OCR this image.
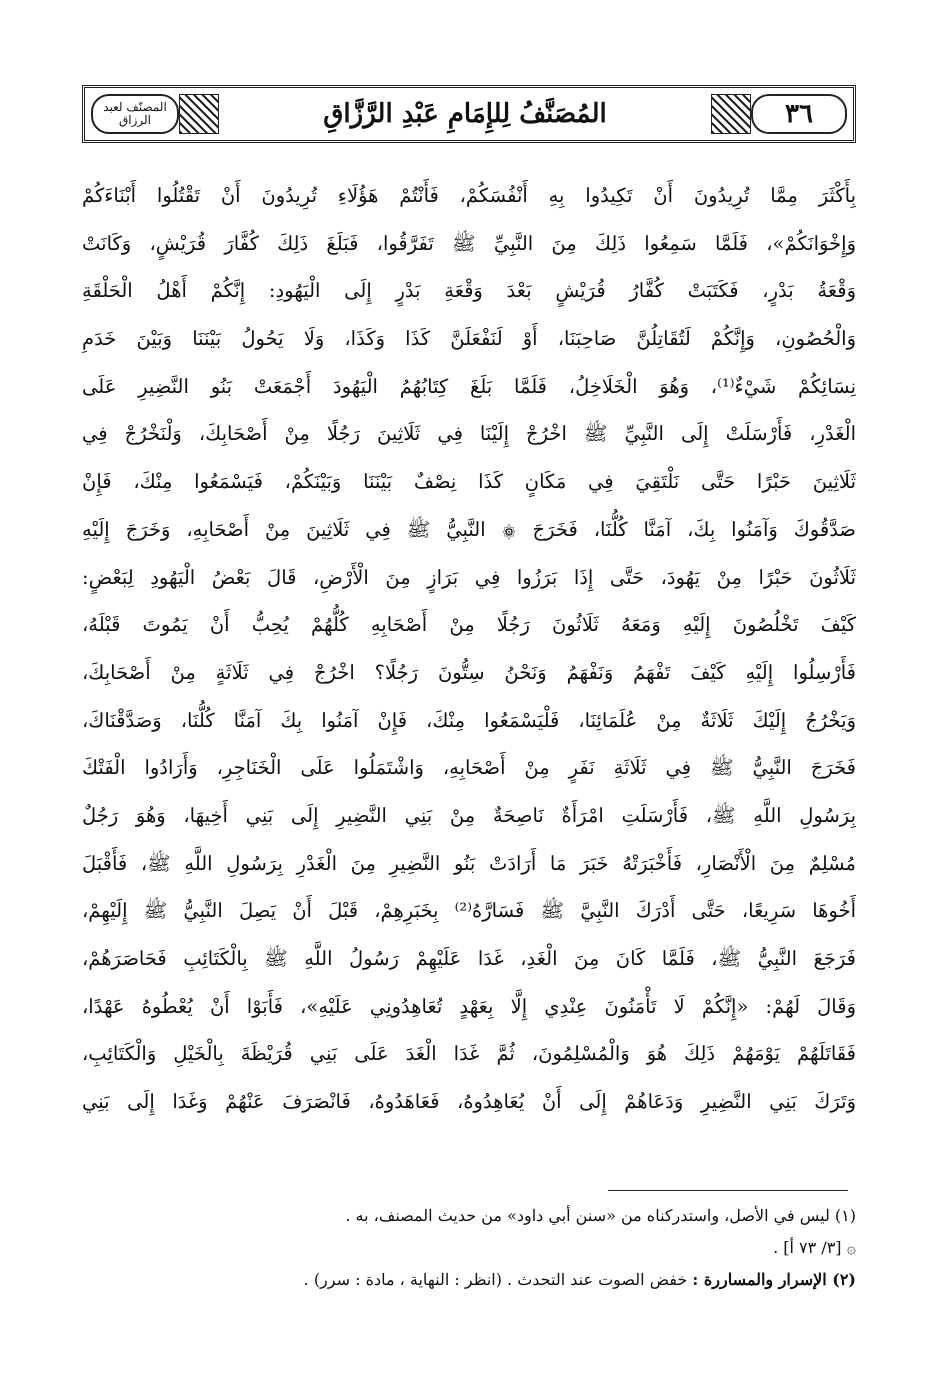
المصنّف لعبد الرزاق	المُصَنَّفُ لِلإِمَامِ عَبْدِ الرَّزَّاقِ	٣٦
بِأَكْثَرَ مِمَّا تُرِيدُونَ أَنْ تَكِيدُوا بِهِ أَنْفُسَكُمْ، فَأَنْتُمْ هَؤُلَاءِ تُرِيدُونَ أَنْ تَقْتُلُوا أَبْنَاءَكُمْ
وَإِخْوَانَكُمْ»، فَلَمَّا سَمِعُوا ذَلِكَ مِنَ النَّبِيِّ ﷺ تَفَرَّقُوا، فَبَلَغَ ذَلِكَ كُفَّارَ قُرَيْشٍ، وَكَانَتْ
وَقْعَةُ بَدْرٍ، فَكَتَبَتْ كُفَّارُ قُرَيْشٍ بَعْدَ وَقْعَةِ بَدْرٍ إِلَى الْيَهُودِ: إِنَّكُمْ أَهْلُ الْحَلْقَةِ
وَالْحُصُونِ، وَإِنَّكُمْ لَتُقَاتِلُنَّ صَاحِبَنَا، أَوْ لَنَفْعَلَنَّ كَذَا وَكَذَا، وَلَا يَحُولُ بَيْنَنَا وَبَيْنَ خَدَمِ
نِسَائِكُمْ شَيْءٌ⁽¹⁾، وَهُوَ الْخَلَاخِلُ، فَلَمَّا بَلَغَ كِتَابُهُمُ الْيَهُودَ أَجْمَعَتْ بَنُو النَّضِيرِ عَلَى
الْغَدْرِ، فَأَرْسَلَتْ إِلَى النَّبِيِّ ﷺ اخْرُجْ إِلَيْنَا فِي ثَلَاثِينَ رَجُلًا مِنْ أَصْحَابِكَ، وَلْنَخْرُجْ فِي
ثَلَاثِينَ حَبْرًا حَتَّى نَلْتَقِيَ فِي مَكَانٍ كَذَا نِصْفٌ بَيْنَنَا وَبَيْنَكُمْ، فَيَسْمَعُوا مِنْكَ، فَإِنْ
صَدَّقُوكَ وَآمَنُوا بِكَ، آمَنَّا كُلُّنَا، فَخَرَجَ ۞ النَّبِيُّ ﷺ فِي ثَلَاثِينَ مِنْ أَصْحَابِهِ، وَخَرَجَ إِلَيْهِ
ثَلَاثُونَ حَبْرًا مِنْ يَهُودَ، حَتَّى إِذَا بَرَزُوا فِي بَرَازٍ مِنَ الْأَرْضِ، قَالَ بَعْضُ الْيَهُودِ لِبَعْضٍ:
كَيْفَ تَخْلُصُونَ إِلَيْهِ وَمَعَهُ ثَلَاثُونَ رَجُلًا مِنْ أَصْحَابِهِ كُلُّهُمْ يُحِبُّ أَنْ يَمُوتَ قَبْلَهُ،
فَأَرْسِلُوا إِلَيْهِ كَيْفَ تَفْهَمُ وَنَفْهَمُ وَنَحْنُ سِتُّونَ رَجُلًا؟ اخْرُجْ فِي ثَلَاثَةٍ مِنْ أَصْحَابِكَ،
وَيَخْرُجُ إِلَيْكَ ثَلَاثَةٌ مِنْ عُلَمَائِنَا، فَلْيَسْمَعُوا مِنْكَ، فَإِنْ آمَنُوا بِكَ آمَنَّا كُلُّنَا، وَصَدَّقْنَاكَ،
فَخَرَجَ النَّبِيُّ ﷺ فِي ثَلَاثَةِ نَفَرٍ مِنْ أَصْحَابِهِ، وَاشْتَمَلُوا عَلَى الْخَنَاجِرِ، وَأَرَادُوا الْفَتْكَ
بِرَسُولِ اللَّهِ ﷺ، فَأَرْسَلَتِ امْرَأَةٌ نَاصِحَةٌ مِنْ بَنِي النَّضِيرِ إِلَى بَنِي أَخِيهَا، وَهُوَ رَجُلٌ
مُسْلِمٌ مِنَ الْأَنْصَارِ، فَأَخْبَرَتْهُ خَبَرَ مَا أَرَادَتْ بَنُو النَّضِيرِ مِنَ الْغَدْرِ بِرَسُولِ اللَّهِ ﷺ، فَأَقْبَلَ
أَخُوهَا سَرِيعًا، حَتَّى أَدْرَكَ النَّبِيَّ ﷺ فَسَارَّهُ⁽²⁾ بِخَبَرِهِمْ، قَبْلَ أَنْ يَصِلَ النَّبِيُّ ﷺ إِلَيْهِمْ،
فَرَجَعَ النَّبِيُّ ﷺ، فَلَمَّا كَانَ مِنَ الْغَدِ، غَدَا عَلَيْهِمْ رَسُولُ اللَّهِ ﷺ بِالْكَتَائِبِ فَحَاصَرَهُمْ،
وَقَالَ لَهُمْ: «إِنَّكُمْ لَا تَأْمَنُونَ عِنْدِي إِلَّا بِعَهْدٍ تُعَاهِدُونِي عَلَيْهِ»، فَأَبَوْا أَنْ يُعْطُوهُ عَهْدًا،
فَقَاتَلَهُمْ يَوْمَهُمْ ذَلِكَ هُوَ وَالْمُسْلِمُونَ، ثُمَّ غَدَا الْغَدَ عَلَى بَنِي قُرَيْظَةَ بِالْخَيْلِ وَالْكَتَائِبِ،
وَتَرَكَ بَنِي النَّضِيرِ وَدَعَاهُمْ إِلَى أَنْ يُعَاهِدُوهُ، فَعَاهَدُوهُ، فَانْصَرَفَ عَنْهُمْ وَغَدَا إِلَى بَنِي
(١) ليس في الأصل، واستدركناه من «سنن أبي داود» من حديث المصنف، به .
۞ [٣/ ٧٣ أ] .
(٢) الإسرار والمساررة : خفض الصوت عند التحدث . (انظر : النهاية ، مادة : سرر) .
